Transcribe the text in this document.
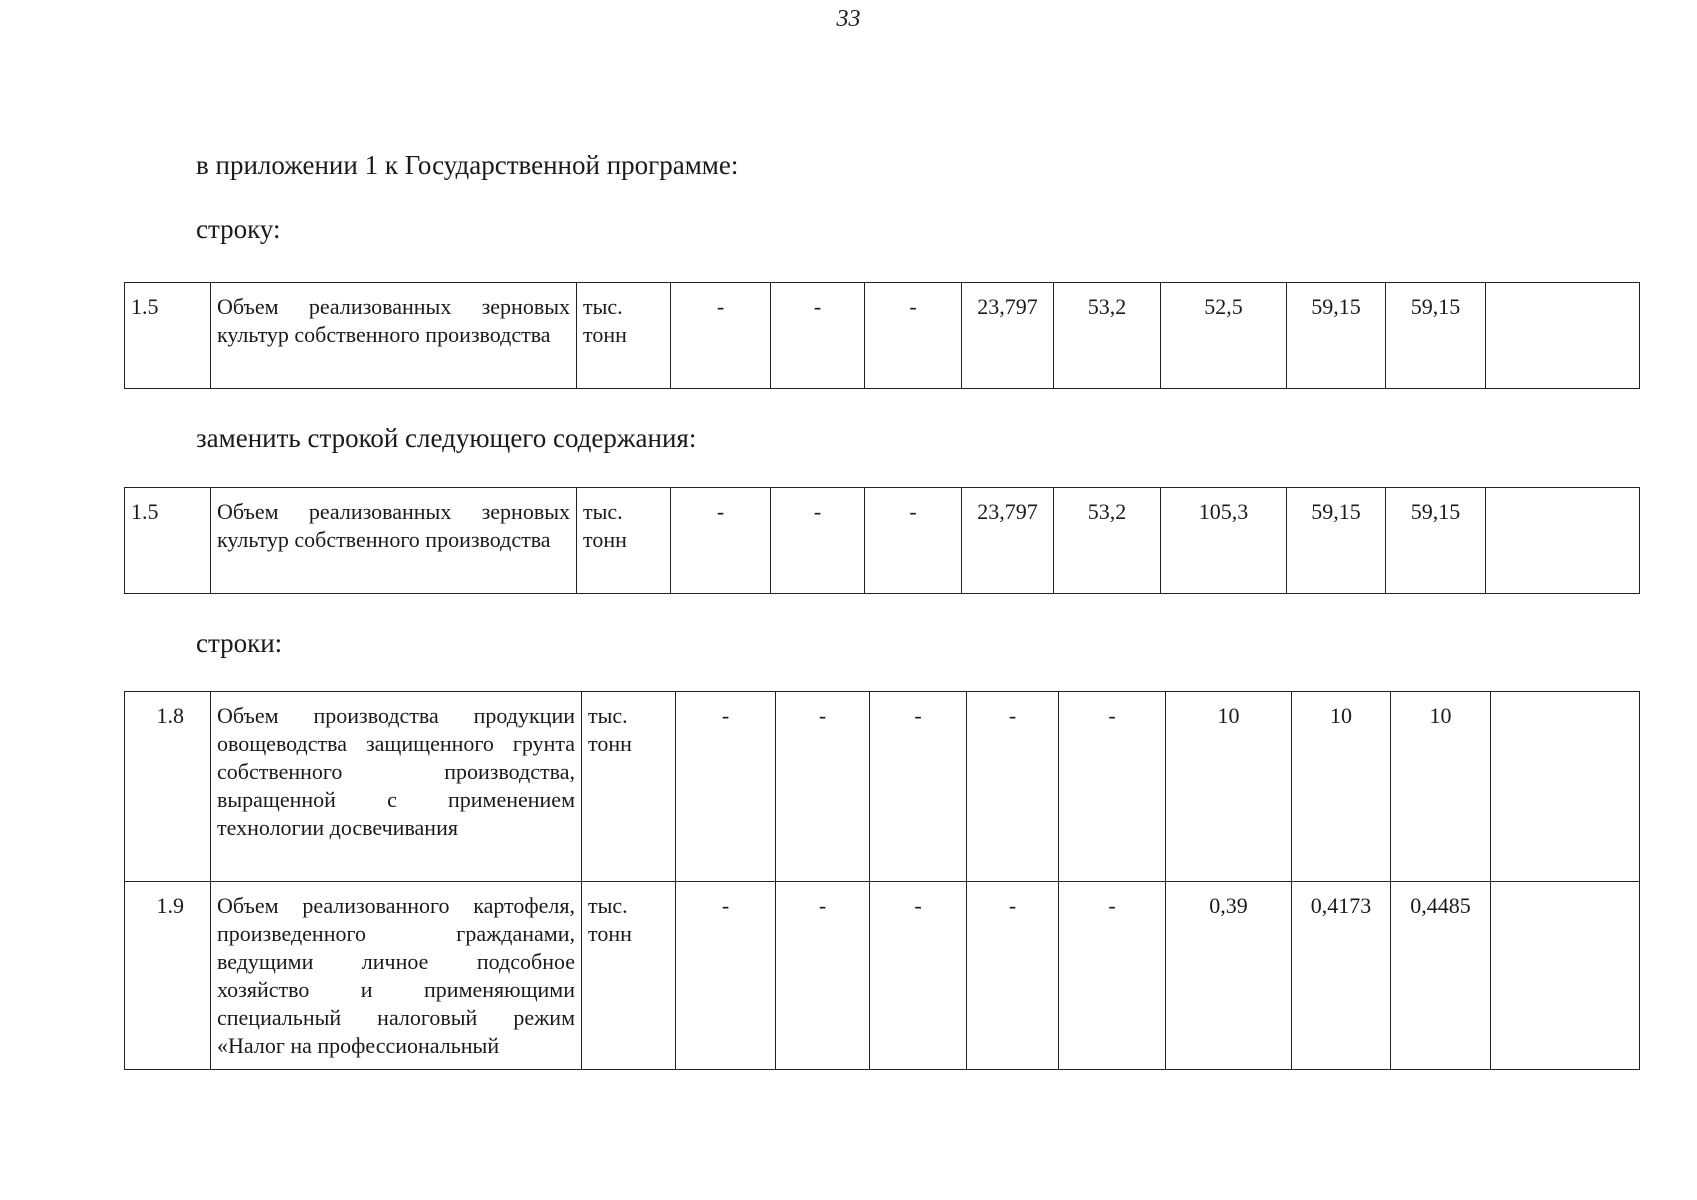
33
в приложении 1 к Государственной программе:
строку:
1.5	Объем реализованных зерновых культур собственного производства	тыс. тонн	-	-	-	23,797	53,2	52,5	59,15	59,15	
заменить строкой следующего содержания:
1.5	Объем реализованных зерновых культур собственного производства	тыс. тонн	-	-	-	23,797	53,2	105,3	59,15	59,15	
строки:
1.8	Объем производства продукции овощеводства защищенного грунта собственного производства, выращенной с применением технологии досвечивания	тыс. тонн	-	-	-	-	-	10	10	10	
1.9	Объем реализованного картофеля, произведенного гражданами, ведущими личное подсобное хозяйство и применяющими специальный налоговый режим «Налог на профессиональный	тыс. тонн	-	-	-	-	-	0,39	0,4173	0,4485	
